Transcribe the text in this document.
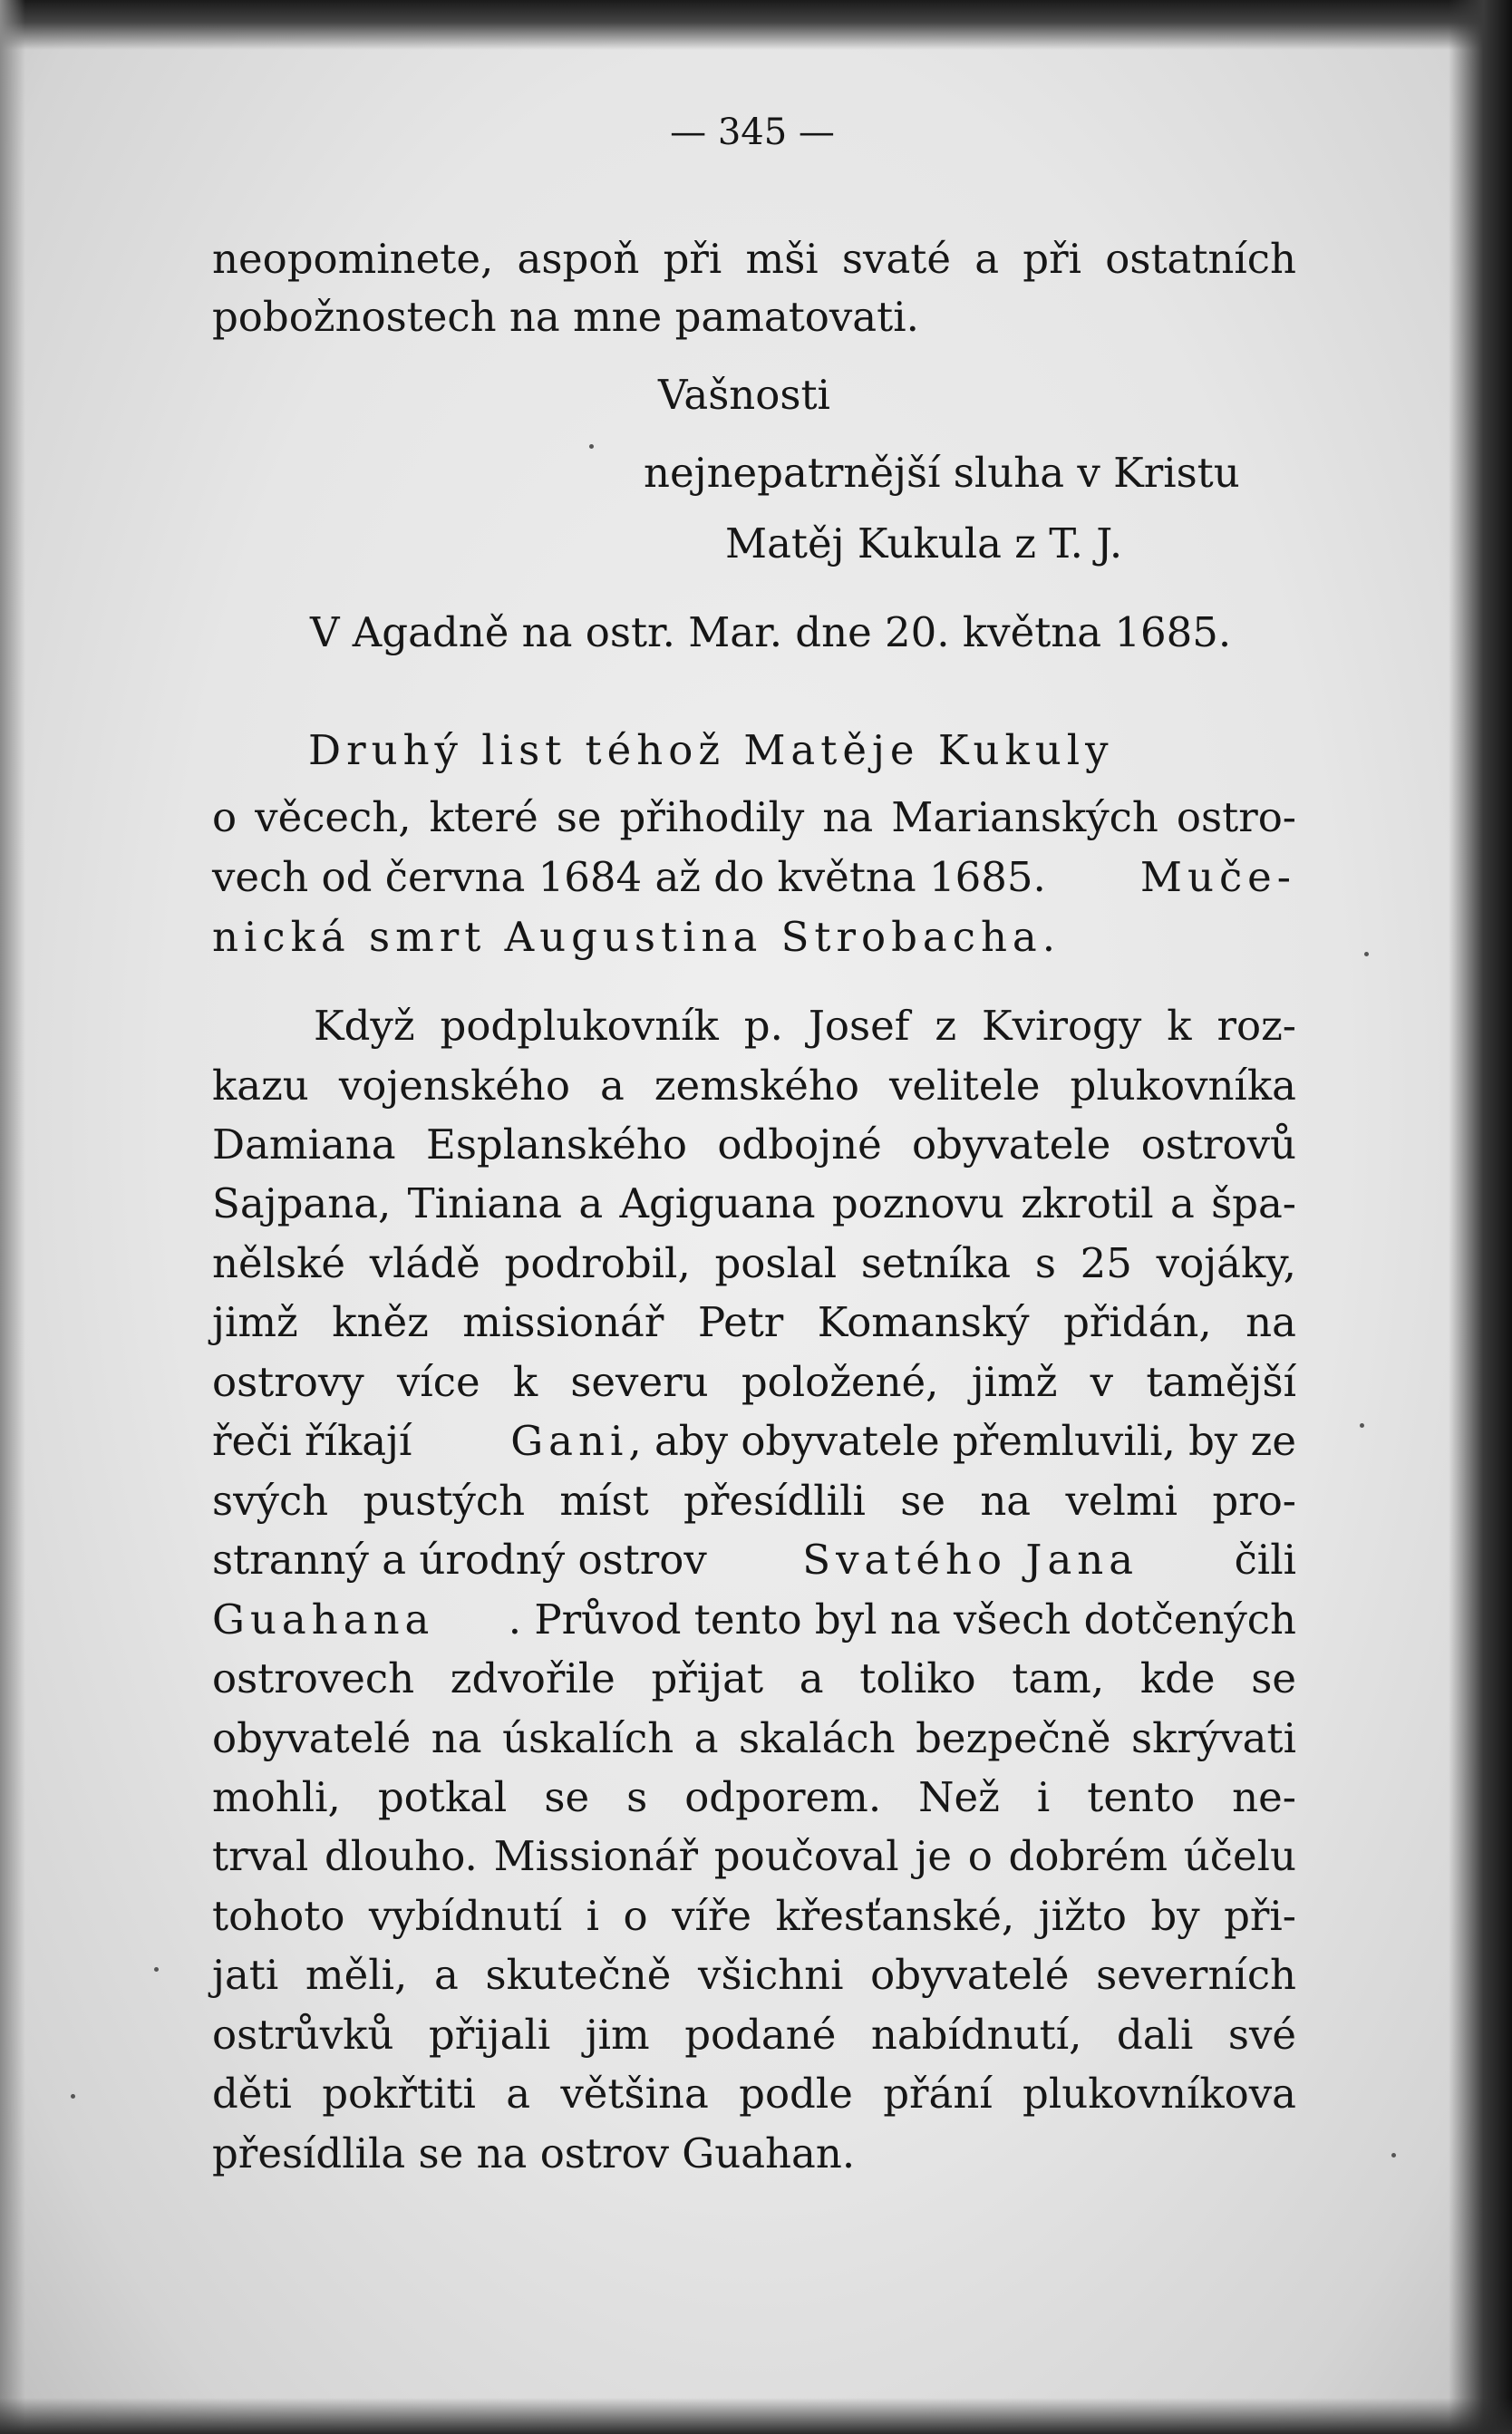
— 345 —
neopominete, aspoň při mši svaté a při ostatních
pobožnostech na mne pamatovati.
Vašnosti
nejnepatrnější sluha v Kristu
Matěj Kukula z T. J.
V Agadně na ostr. Mar. dne 20. května 1685.
Druhý list téhož Matěje Kukuly
o věcech, které se přihodily na Marianských ostro-
vech od června 1684 až do května 1685. Muče-
nická smrt Augustina Strobacha.
Když podplukovník p. Josef z Kvirogy k roz-
kazu vojenského a zemského velitele plukovníka
Damiana Esplanského odbojné obyvatele ostrovů
Sajpana, Tiniana a Agiguana poznovu zkrotil a špa-
nělské vládě podrobil, poslal setníka s 25 vojáky,
jimž kněz missionář Petr Komanský přidán, na
ostrovy více k severu položené, jimž v tamější
řeči říkají Gani, aby obyvatele přemluvili, by ze
svých pustých míst přesídlili se na velmi pro-
stranný a úrodný ostrov Svatého Jana čili
Guahana . Průvod tento byl na všech dotčených
ostrovech zdvořile přijat a toliko tam, kde se
obyvatelé na úskalích a skalách bezpečně skrývati
mohli, potkal se s odporem. Než i tento ne-
trval dlouho. Missionář poučoval je o dobrém účelu
tohoto vybídnutí i o víře křesťanské, jižto by při-
jati měli, a skutečně všichni obyvatelé severních
ostrůvků přijali jim podané nabídnutí, dali své
děti pokřtiti a většina podle přání plukovníkova
přesídlila se na ostrov Guahan.
